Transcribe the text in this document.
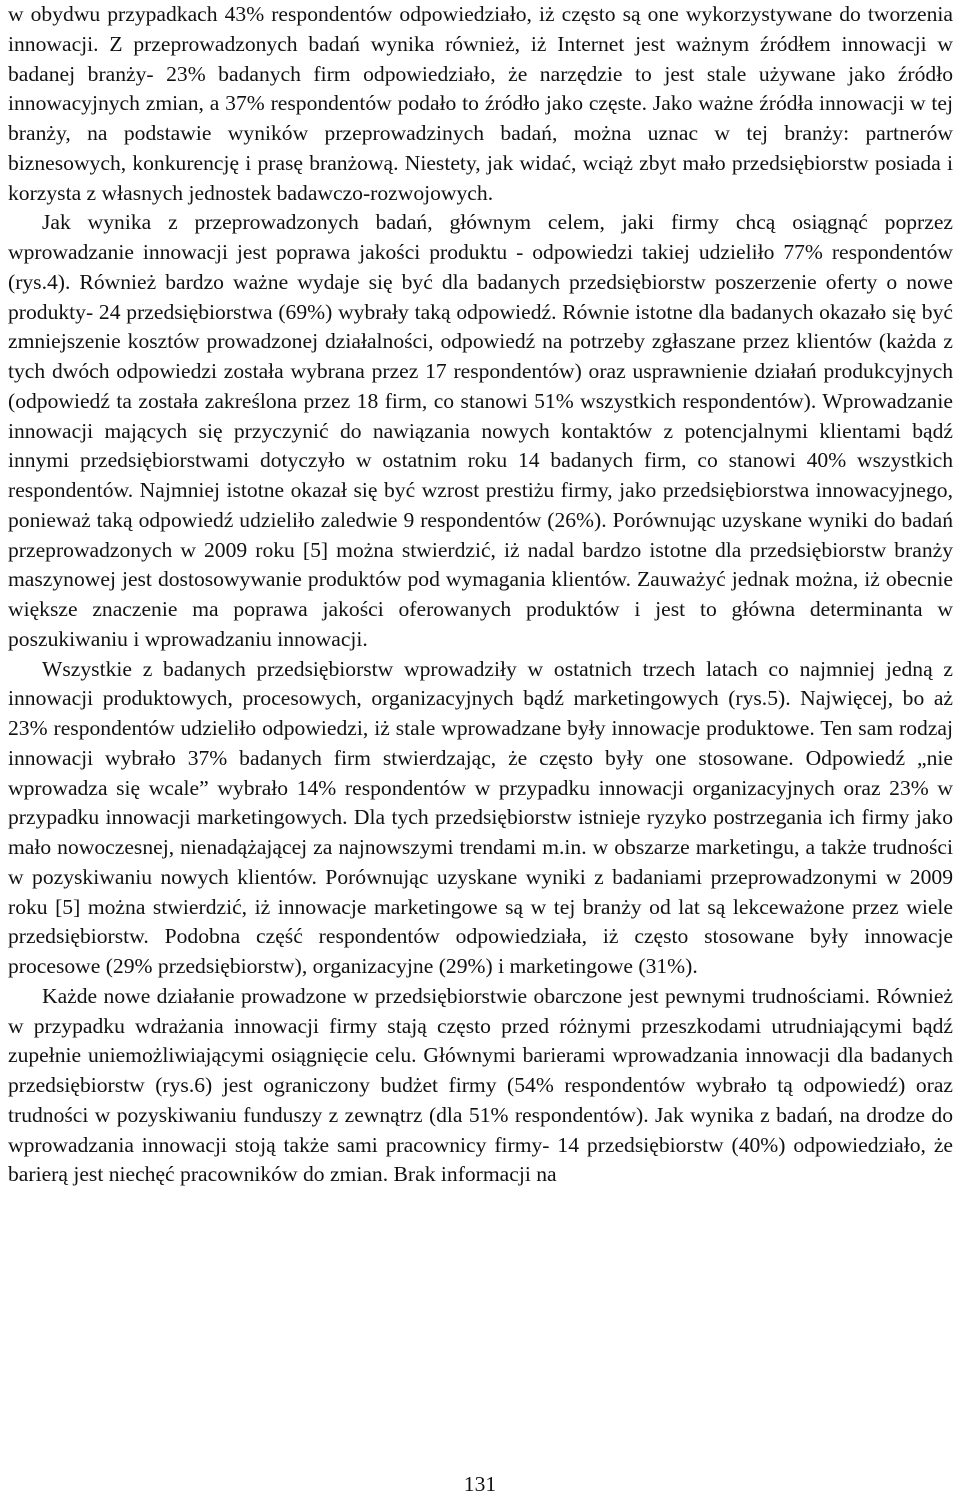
w obydwu przypadkach 43% respondentów odpowiedziało, iż często są one wykorzystywane do tworzenia innowacji. Z przeprowadzonych badań wynika również, iż Internet jest ważnym źródłem innowacji w badanej branży- 23% badanych firm odpowiedziało, że narzędzie to jest stale używane jako źródło innowacyjnych zmian, a 37% respondentów podało to źródło jako częste. Jako ważne źródła innowacji w tej branży, na podstawie wyników przeprowadzinych badań, można uznac w tej branży: partnerów biznesowych, konkurencję i prasę branżową. Niestety, jak widać, wciąż zbyt mało przedsiębiorstw posiada i korzysta z własnych jednostek badawczo-rozwojowych.

Jak wynika z przeprowadzonych badań, głównym celem, jaki firmy chcą osiągnąć poprzez wprowadzanie innowacji jest poprawa jakości produktu - odpowiedzi takiej udzieliło 77% respondentów (rys.4). Również bardzo ważne wydaje się być dla badanych przedsiębiorstw poszerzenie oferty o nowe produkty- 24 przedsiębiorstwa (69%) wybrały taką odpowiedź. Równie istotne dla badanych okazało się być zmniejszenie kosztów prowadzonej działalności, odpowiedź na potrzeby zgłaszane przez klientów (każda z tych dwóch odpowiedzi została wybrana przez 17 respondentów) oraz usprawnienie działań produkcyjnych (odpowiedź ta została zakreślona przez 18 firm, co stanowi 51% wszystkich respondentów). Wprowadzanie innowacji mających się przyczynić do nawiązania nowych kontaktów z potencjalnymi klientami bądź innymi przedsiębiorstwami dotyczyło w ostatnim roku 14 badanych firm, co stanowi 40% wszystkich respondentów. Najmniej istotne okazał się być wzrost prestiżu firmy, jako przedsiębiorstwa innowacyjnego, ponieważ taką odpowiedź udzieliło zaledwie 9 respondentów (26%). Porównując uzyskane wyniki do badań przeprowadzonych w 2009 roku [5] można stwierdzić, iż nadal bardzo istotne dla przedsiębiorstw branży maszynowej jest dostosowywanie produktów pod wymagania klientów. Zauważyć jednak można, iż obecnie większe znaczenie ma poprawa jakości oferowanych produktów i jest to główna determinanta w poszukiwaniu i wprowadzaniu innowacji.

Wszystkie z badanych przedsiębiorstw wprowadziły w ostatnich trzech latach co najmniej jedną z innowacji produktowych, procesowych, organizacyjnych bądź marketingowych (rys.5). Najwięcej, bo aż 23% respondentów udzieliło odpowiedzi, iż stale wprowadzane były innowacje produktowe. Ten sam rodzaj innowacji wybrało 37% badanych firm stwierdzając, że często były one stosowane. Odpowiedź „nie wprowadza się wcale” wybrało 14% respondentów w przypadku innowacji organizacyjnych oraz 23% w przypadku innowacji marketingowych. Dla tych przedsiębiorstw istnieje ryzyko postrzegania ich firmy jako mało nowoczesnej, nienadążającej za najnowszymi trendami m.in. w obszarze marketingu, a także trudności w pozyskiwaniu nowych klientów. Porównując uzyskane wyniki z badaniami przeprowadzonymi w 2009 roku [5] można stwierdzić, iż innowacje marketingowe są w tej branży od lat są lekceważone przez wiele przedsiębiorstw. Podobna część respondentów odpowiedziała, iż często stosowane były innowacje procesowe (29% przedsiębiorstw), organizacyjne (29%) i marketingowe (31%).

Każde nowe działanie prowadzone w przedsiębiorstwie obarczone jest pewnymi trudnościami. Również w przypadku wdrażania innowacji firmy stają często przed różnymi przeszkodami utrudniającymi bądź zupełnie uniemożliwiającymi osiągnięcie celu. Głównymi barierami wprowadzania innowacji dla badanych przedsiębiorstw (rys.6) jest ograniczony budżet firmy (54% respondentów wybrało tą odpowiedź) oraz trudności w pozyskiwaniu funduszy z zewnątrz (dla 51% respondentów). Jak wynika z badań, na drodze do wprowadzania innowacji stoją także sami pracownicy firmy- 14 przedsiębiorstw (40%) odpowiedziało, że barierą jest niechęć pracowników do zmian. Brak informacji na

131
